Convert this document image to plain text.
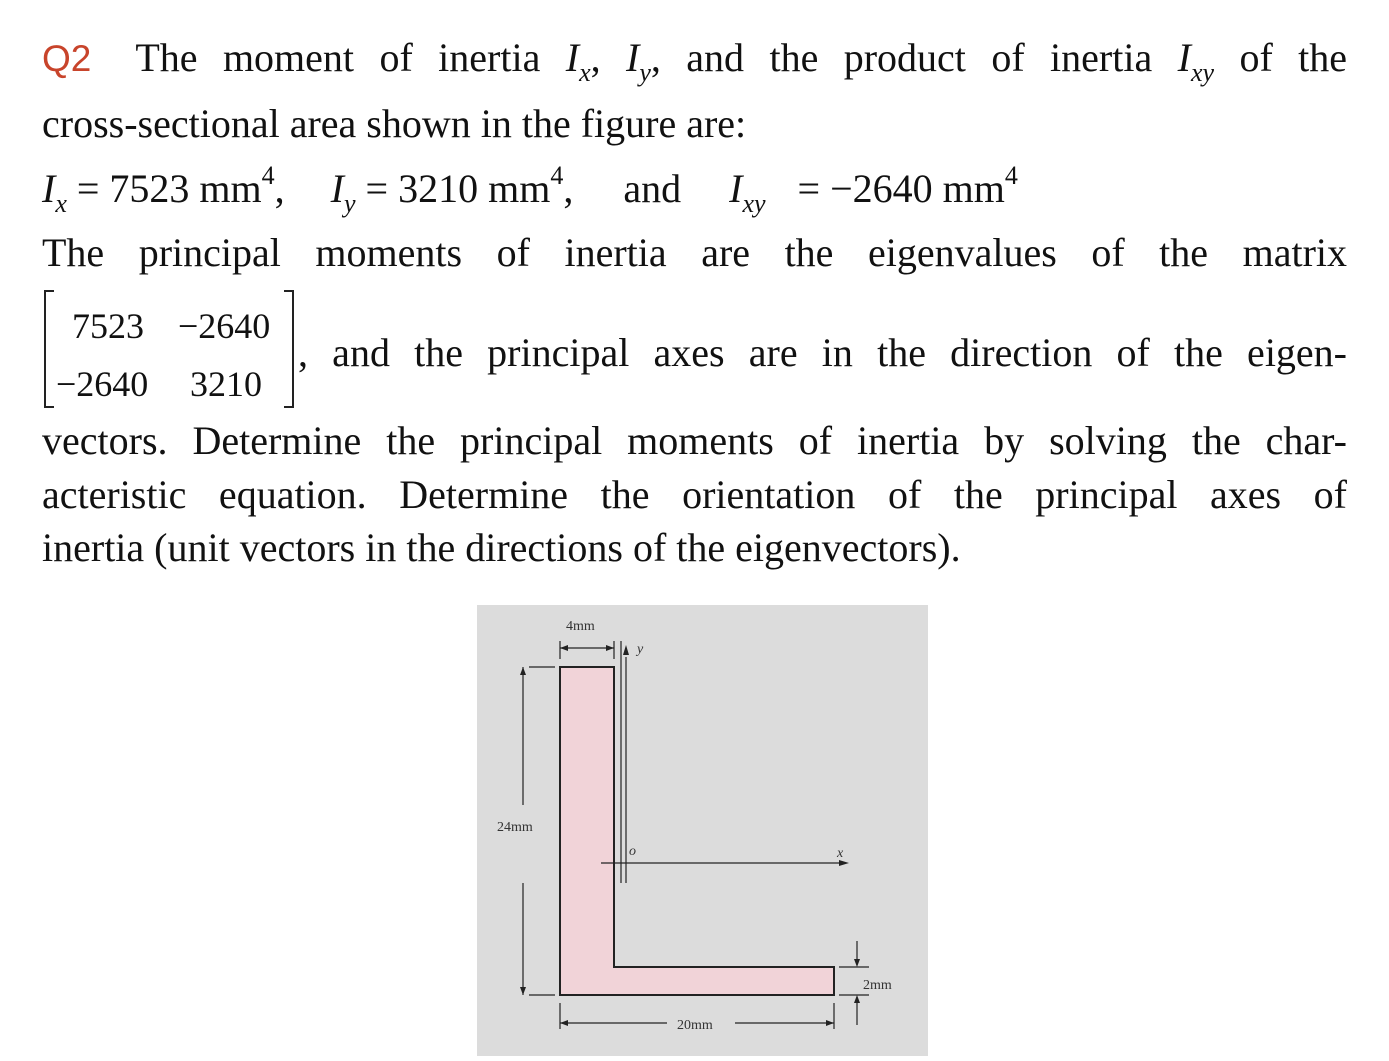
Q2 The moment of inertia $I_x$, $I_y$, and the product of inertia $I_{xy}$ of the
cross-sectional area shown in the figure are:
$I_x = 7523$ $mm^4$,  $I_y = 3210$ $mm^4$,  and $I_{xy} = -2640$ $mm^4$
The principal moments of inertia are the eigenvalues of the matrix
7523 −2640
−2640 3210
, and the principal axes are in the direction of the eigen-
vectors. Determine the principal moments of inertia by solving the char-
acteristic equation. Determine the orientation of the principal axes of
inertia (unit vectors in the directions of the eigenvectors).
4mm
y
x
o
24mm
2mm
20mm
